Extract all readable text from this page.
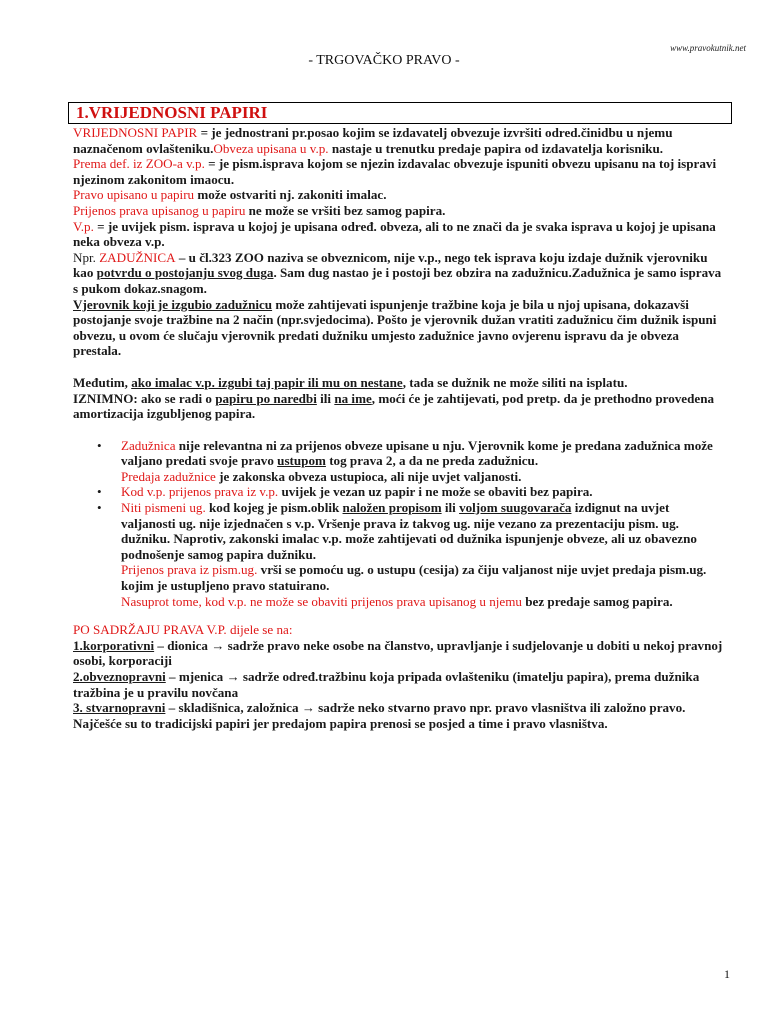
www.pravokutnik.net
- TRGOVAČKO PRAVO -
1.VRIJEDNOSNI PAPIRI

VRIJEDNOSNI PAPIR = je jednostrani pr.posao kojim se izdavatelj obvezuje izvršiti odred.činidbu u njemu naznačenom ovlašteniku.Obveza upisana u v.p. nastaje u trenutku predaje papira od izdavatelja korisniku.

Prema def. iz ZOO-a v.p. = je pism.isprava kojom se njezin izdavalac obvezuje ispuniti obvezu upisanu na toj ispravi njezinom zakonitom imaocu.

Pravo upisano u papiru može ostvariti nj. zakoniti imalac.

Prijenos prava upisanog u papiru ne može se vršiti bez samog papira.

V.p. = je uvijek pism. isprava u kojoj je upisana određ. obveza, ali to ne znači da je svaka isprava u kojoj je upisana neka obveza v.p.

Npr. ZADUŽNICA – u čl.323 ZOO naziva se obveznicom, nije v.p., nego tek isprava koju izdaje dužnik vjerovniku kao potvrdu o postojanju svog duga. Sam dug nastao je i postoji bez obzira na zadužnicu.Zadužnica je samo isprava s pukom dokaz.snagom.

Vjerovnik koji je izgubio zadužnicu može zahtijevati ispunjenje tražbine koja je bila u njoj upisana, dokazavši postojanje svoje tražbine na 2 način (npr.svjedocima). Pošto je vjerovnik dužan vratiti zadužnicu čim dužnik ispuni obvezu, u ovom će slučaju vjerovnik predati dužniku umjesto zadužnice javno ovjerenu ispravu da je obveza prestala.

Međutim, ako imalac v.p. izgubi taj papir ili mu on nestane, tada se dužnik ne može siliti na isplatu.

IZNIMNO: ako se radi o papiru po naredbi ili na ime, moći će je zahtijevati, pod pretp. da je prethodno provedena amortizacija izgubljenog papira.

• Zadužnica nije relevantna ni za prijenos obveze upisane u nju. Vjerovnik kome je predana zadužnica može valjano predati svoje pravo ustupom tog prava 2, a da ne preda zadužnicu.
Predaja zadužnice je zakonska obveza ustupioca, ali nije uvjet valjanosti.
• Kod v.p. prijenos prava iz v.p. uvijek je vezan uz papir i ne može se obaviti bez papira.
• Niti pismeni ug. kod kojeg je pism.oblik naložen propisom ili voljom suugovarača izdignut na uvjet valjanosti ug. nije izjednačen s v.p. Vršenje prava iz takvog ug. nije vezano za prezentaciju pism. ug. dužniku. Naprotiv, zakonski imalac v.p. može zahtijevati od dužnika ispunjenje obveze, ali uz obavezno podnošenje samog papira dužniku.
Prijenos prava iz pism.ug. vrši se pomoću ug. o ustupu (cesija) za čiju valjanost nije uvjet predaja pism.ug. kojim je ustupljeno pravo statuirano.
Nasuprot tome, kod v.p. ne može se obaviti prijenos prava upisanog u njemu bez predaje samog papira.

PO SADRŽAJU PRAVA V.P. dijele se na:

1.korporativni – dionica → sadrže pravo neke osobe na članstvo, upravljanje i sudjelovanje u dobiti u nekoj pravnoj osobi, korporaciji

2.obveznopravni – mjenica → sadrže određ.tražbinu koja pripada ovlašteniku (imatelju papira), prema dužnika tražbina je u pravilu novčana

3. stvarnopravni – skladišnica, založnica → sadrže neko stvarno pravo npr. pravo vlasništva ili založno pravo. Najčešće su to tradicijski papiri jer predajom papira prenosi se posjed a time i pravo vlasništva.

1
